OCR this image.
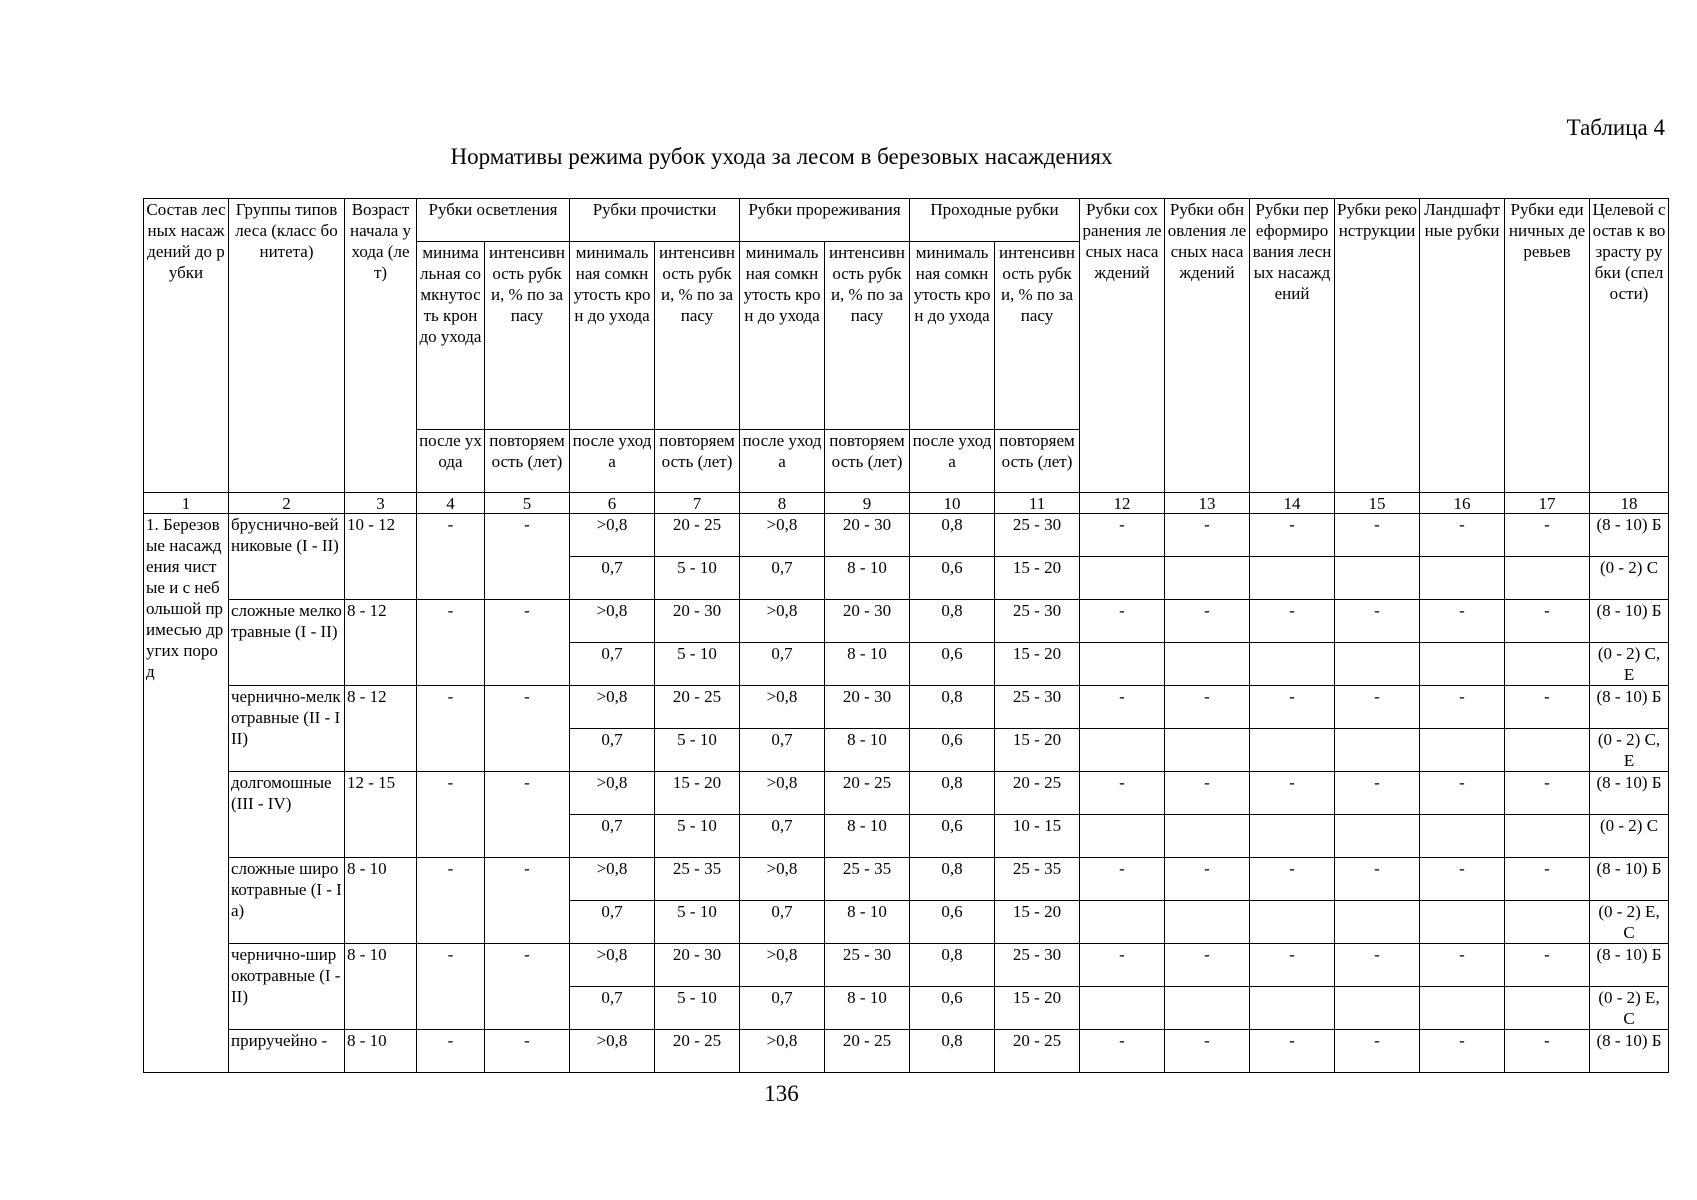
Таблица 4
Нормативы режима рубок ухода за лесом в березовых насаждениях
Состав лесных насаждений до рубки	Группы типов леса (класс бонитета)	Возраст начала ухода (лет)	Рубки осветления		Рубки прочистки		Рубки прореживания		Проходные рубки		Рубки сохранения лесных насаждений	Рубки обновления лесных насаждений	Рубки переформирования лесных насаждений	Рубки реконструкции	Ландшафтные рубки	Рубки единичных деревьев	Целевой состав к возрасту рубки (спелости)
			минимальная сомкнутость крон до ухода	интенсивность рубки, % по запасу	минимальная сомкнутость крон до ухода	интенсивность рубки, % по запасу	минимальная сомкнутость крон до ухода	интенсивность рубки, % по запасу	минимальная сомкнутость крон до ухода	интенсивность рубки, % по запасу							
			после ухода	повторяемость (лет)	после ухода	повторяемость (лет)	после ухода	повторяемость (лет)	после ухода	повторяемость (лет)							
1	2	3	4	5	6	7	8	9	10	11	12	13	14	15	16	17	18
1. Березовые насаждения чистые и с небольшой примесью других пород	бруснично-вейниковые (I - II)	10 - 12	-	-	>0,8	20 - 25	>0,8	20 - 30	0,8	25 - 30	-	-	-	-	-	-	(8 - 10) Б
					0,7	5 - 10	0,7	8 - 10	0,6	15 - 20							(0 - 2) С
	сложные мелкотравные (I - II)	8 - 12	-	-	>0,8	20 - 30	>0,8	20 - 30	0,8	25 - 30	-	-	-	-	-	-	(8 - 10) Б
					0,7	5 - 10	0,7	8 - 10	0,6	15 - 20							(0 - 2) С, Е
	чернично-мелкотравные (II - III)	8 - 12	-	-	>0,8	20 - 25	>0,8	20 - 30	0,8	25 - 30	-	-	-	-	-	-	(8 - 10) Б
					0,7	5 - 10	0,7	8 - 10	0,6	15 - 20							(0 - 2) С, Е
	долгомошные (III - IV)	12 - 15	-	-	>0,8	15 - 20	>0,8	20 - 25	0,8	20 - 25	-	-	-	-	-	-	(8 - 10) Б
					0,7	5 - 10	0,7	8 - 10	0,6	10 - 15							(0 - 2) С
	сложные широкотравные (I - Ia)	8 - 10	-	-	>0,8	25 - 35	>0,8	25 - 35	0,8	25 - 35	-	-	-	-	-	-	(8 - 10) Б
					0,7	5 - 10	0,7	8 - 10	0,6	15 - 20							(0 - 2) Е, С
	чернично-широкотравные (I - II)	8 - 10	-	-	>0,8	20 - 30	>0,8	25 - 30	0,8	25 - 30	-	-	-	-	-	-	(8 - 10) Б
					0,7	5 - 10	0,7	8 - 10	0,6	15 - 20							(0 - 2) Е, С
	приручейно -	8 - 10	-	-	>0,8	20 - 25	>0,8	20 - 25	0,8	20 - 25	-	-	-	-	-	-	(8 - 10) Б
136
